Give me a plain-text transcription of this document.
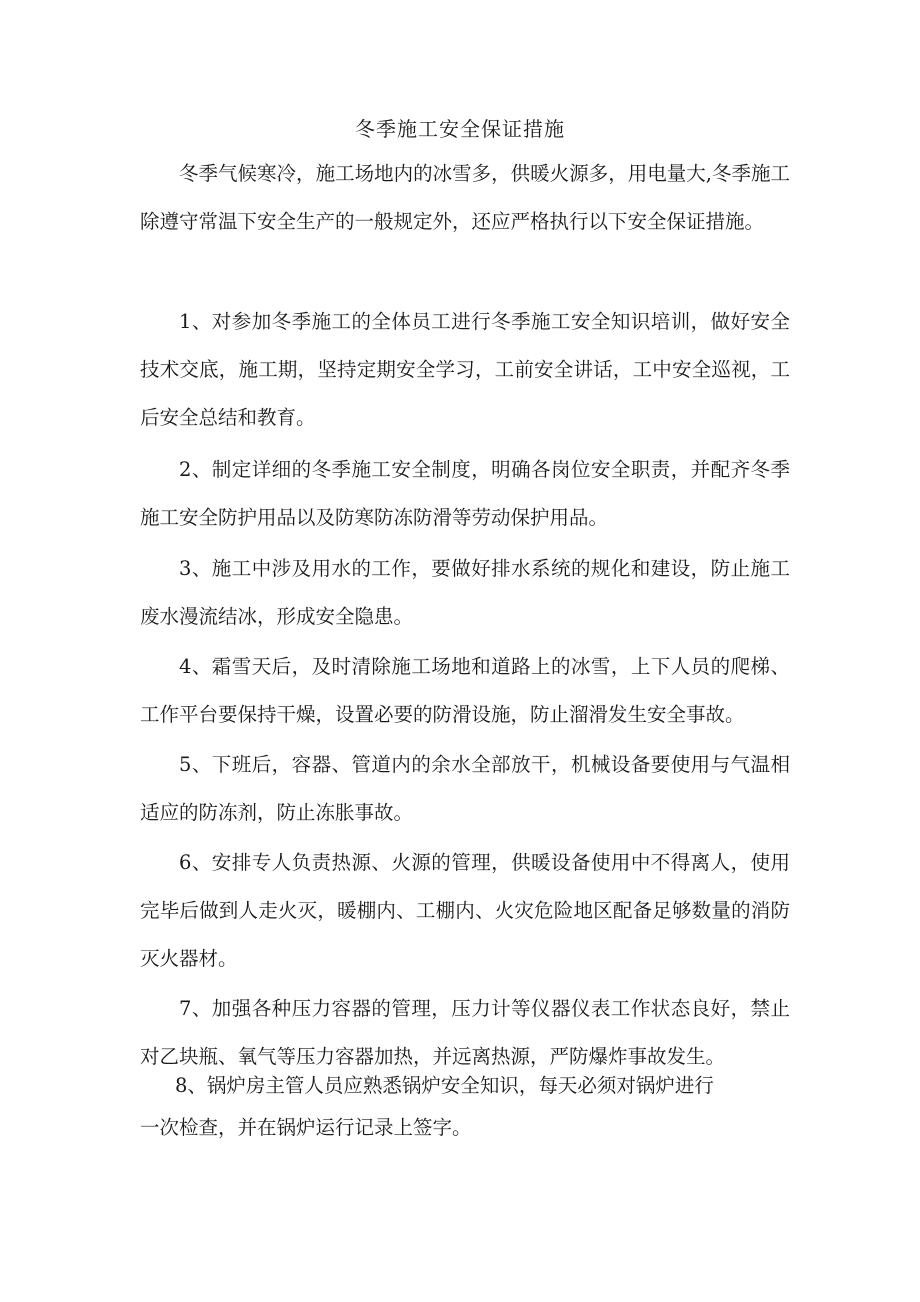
冬季施工安全保证措施

冬季气候寒冷，施工场地内的冰雪多，供暖火源多，用电量大,冬季施工除遵守常温下安全生产的一般规定外，还应严格执行以下安全保证措施。

1、对参加冬季施工的全体员工进行冬季施工安全知识培训，做好安全技术交底，施工期，坚持定期安全学习，工前安全讲话，工中安全巡视，工后安全总结和教育。

2、制定详细的冬季施工安全制度，明确各岗位安全职责，并配齐冬季施工安全防护用品以及防寒防冻防滑等劳动保护用品。

3、施工中涉及用水的工作，要做好排水系统的规化和建设，防止施工废水漫流结冰，形成安全隐患。

4、霜雪天后，及时清除施工场地和道路上的冰雪，上下人员的爬梯、工作平台要保持干燥，设置必要的防滑设施，防止溜滑发生安全事故。

5、下班后，容器、管道内的余水全部放干，机械设备要使用与气温相适应的防冻剂，防止冻胀事故。

6、安排专人负责热源、火源的管理，供暖设备使用中不得离人，使用完毕后做到人走火灭，暖棚内、工棚内、火灾危险地区配备足够数量的消防灭火器材。

7、加强各种压力容器的管理，压力计等仪器仪表工作状态良好，禁止对乙块瓶、氧气等压力容器加热，并远离热源，严防爆炸事故发生。

8、锅炉房主管人员应熟悉锅炉安全知识，每天必须对锅炉进行

一次检查，并在锅炉运行记录上签字。
